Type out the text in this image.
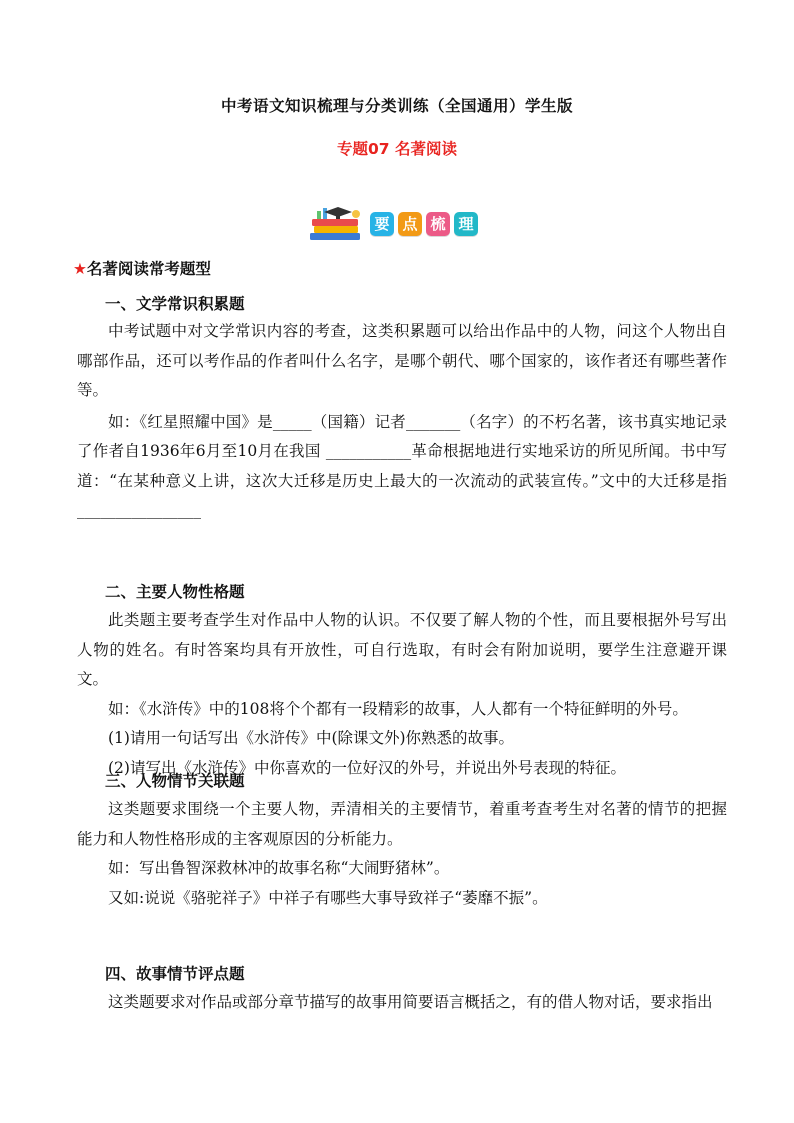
中考语文知识梳理与分类训练（全国通用）学生版
专题07 名著阅读
要 点 梳 理
★名著阅读常考题型
一、文学常识积累题

中考试题中对文学常识内容的考查，这类积累题可以给出作品中的人物，问这个人物出自哪部作品，还可以考作品的作者叫什么名字，是哪个朝代、哪个国家的，该作者还有哪些著作等。

如：《红星照耀中国》是_____（国籍）记者_______（名字）的不朽名著，该书真实地记录了作者自1936年6月至10月在我国 ___________革命根据地进行实地采访的所见所闻。书中写道：“在某种意义上讲，这次大迁移是历史上最大的一次流动的武装宣传。”文中的大迁移是指________________

二、主要人物性格题

此类题主要考查学生对作品中人物的认识。不仅要了解人物的个性，而且要根据外号写出人物的姓名。有时答案均具有开放性，可自行选取，有时会有附加说明，要学生注意避开课文。

如：《水浒传》中的108将个个都有一段精彩的故事，人人都有一个特征鲜明的外号。

(1)请用一句话写出《水浒传》中(除课文外)你熟悉的故事。

(2)请写出《水浒传》中你喜欢的一位好汉的外号，并说出外号表现的特征。

三、人物情节关联题

这类题要求围绕一个主要人物，弄清相关的主要情节，着重考查考生对名著的情节的把握能力和人物性格形成的主客观原因的分析能力。

如：写出鲁智深救林冲的故事名称“大闹野猪林”。

又如:说说《骆驼祥子》中祥子有哪些大事导致祥子“萎靡不振”。

四、故事情节评点题

这类题要求对作品或部分章节描写的故事用简要语言概括之，有的借人物对话，要求指出
